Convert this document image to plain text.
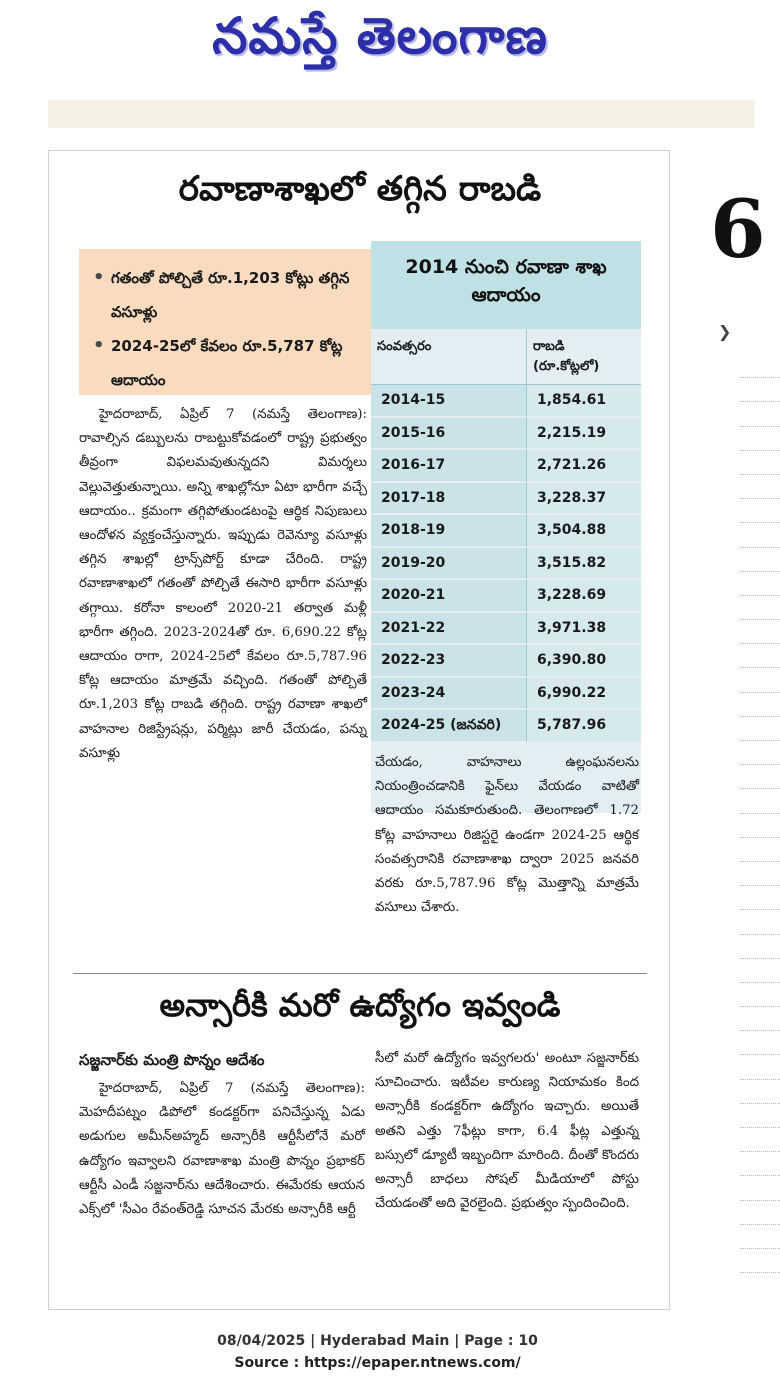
నమస్తే తెలంగాణ
రవాణాశాఖలో తగ్గిన రాబడి
• గతంతో పోల్చితే రూ.1,203 కోట్లు తగ్గిన వసూళ్లు
• 2024-25లో కేవలం రూ.5,787 కోట్ల ఆదాయం
2014 నుంచి రవాణా శాఖ ఆదాయం
సంవత్సరం	రాబడి (రూ.కోట్లలో)
2014-15	1,854.61
2015-16	2,215.19
2016-17	2,721.26
2017-18	3,228.37
2018-19	3,504.88
2019-20	3,515.82
2020-21	3,228.69
2021-22	3,971.38
2022-23	6,390.80
2023-24	6,990.22
2024-25 (జనవరి)	5,787.96
హైదరాబాద్, ఏప్రిల్ 7 (నమస్తే తెలంగాణ): రావాల్సిన డబ్బులను రాబట్టుకోవడంలో రాష్ట్ర ప్రభుత్వం తీవ్రంగా విఫలమవుతున్నదని విమర్శలు వెల్లువెత్తుతున్నాయి. అన్ని శాఖల్లోనూ ఏటా భారీగా వచ్చే ఆదాయం.. క్రమంగా తగ్గిపోతుండటంపై ఆర్థిక నిపుణులు ఆందోళన వ్యక్తంచేస్తున్నారు. ఇప్పుడు రెవెన్యూ వసూళ్లు తగ్గిన శాఖల్లో ట్రాన్స్‌పోర్ట్ కూడా చేరింది. రాష్ట్ర రవాణాశాఖలో గతంతో పోల్చితే ఈసారి భారీగా వసూళ్లు తగ్గాయి. కరోనా కాలంలో 2020-21 తర్వాత మళ్లీ భారీగా తగ్గింది. 2023-2024తో రూ. 6,690.22 కోట్ల ఆదాయం రాగా, 2024-25లో కేవలం రూ.5,787.96 కోట్ల ఆదాయం మాత్రమే వచ్చింది. గతంతో పోల్చితే రూ.1,203 కోట్ల రాబడి తగ్గింది. రాష్ట్ర రవాణా శాఖలో వాహనాల రిజిస్ట్రేషన్లు, పర్మిట్లు జారీ చేయడం, పన్ను వసూళ్లు
చేయడం, వాహనాలు ఉల్లంఘనలను నియంత్రించడానికి ఫైన్‌లు వేయడం వాటితో ఆదాయం సమకూరుతుంది. తెలంగాణలో 1.72 కోట్ల వాహనాలు రిజిస్టరై ఉండగా 2024-25 ఆర్థిక సంవత్సరానికి రవాణాశాఖ ద్వారా 2025 జనవరి వరకు రూ.5,787.96 కోట్ల మొత్తాన్ని మాత్రమే వసూలు చేశారు.
అన్సారీకి మరో ఉద్యోగం ఇవ్వండి
సజ్జనార్‌కు మంత్రి పొన్నం ఆదేశం
హైదరాబాద్, ఏప్రిల్ 7 (నమస్తే తెలంగాణ): మెహదీపట్నం డిపోలో కండక్టర్‌గా పనిచేస్తున్న ఏడు అడుగుల అమీన్‌అహ్మద్ అన్సారీకి ఆర్టీసీలోనే మరో ఉద్యోగం ఇవ్వాలని రవాణాశాఖ మంత్రి పొన్నం ప్రభాకర్ ఆర్టీసీ ఎండీ సజ్జనార్‌ను ఆదేశించారు. ఈమేరకు ఆయన ఎక్స్‌లో 'సీఎం రేవంత్‌రెడ్డి సూచన మేరకు అన్సారీకి ఆర్టీ
సీలో మరో ఉద్యోగం ఇవ్వగలరు' అంటూ సజ్జనార్‌కు సూచించారు. ఇటీవల కారుణ్య నియామకం కింద అన్సారీకి కండక్టర్‌గా ఉద్యోగం ఇచ్చారు. అయితే అతని ఎత్తు 7ఫీట్లు కాగా, 6.4 ఫీట్ల ఎత్తున్న బస్సులో డ్యూటీ ఇబ్బందిగా మారింది. దీంతో కొందరు అన్సారీ బాధలు సోషల్ మీడియాలో పోస్టు చేయడంతో అది వైరలైంది. ప్రభుత్వం స్పందించింది.
6
❯
08/04/2025 | Hyderabad Main | Page : 10
Source : https://epaper.ntnews.com/
